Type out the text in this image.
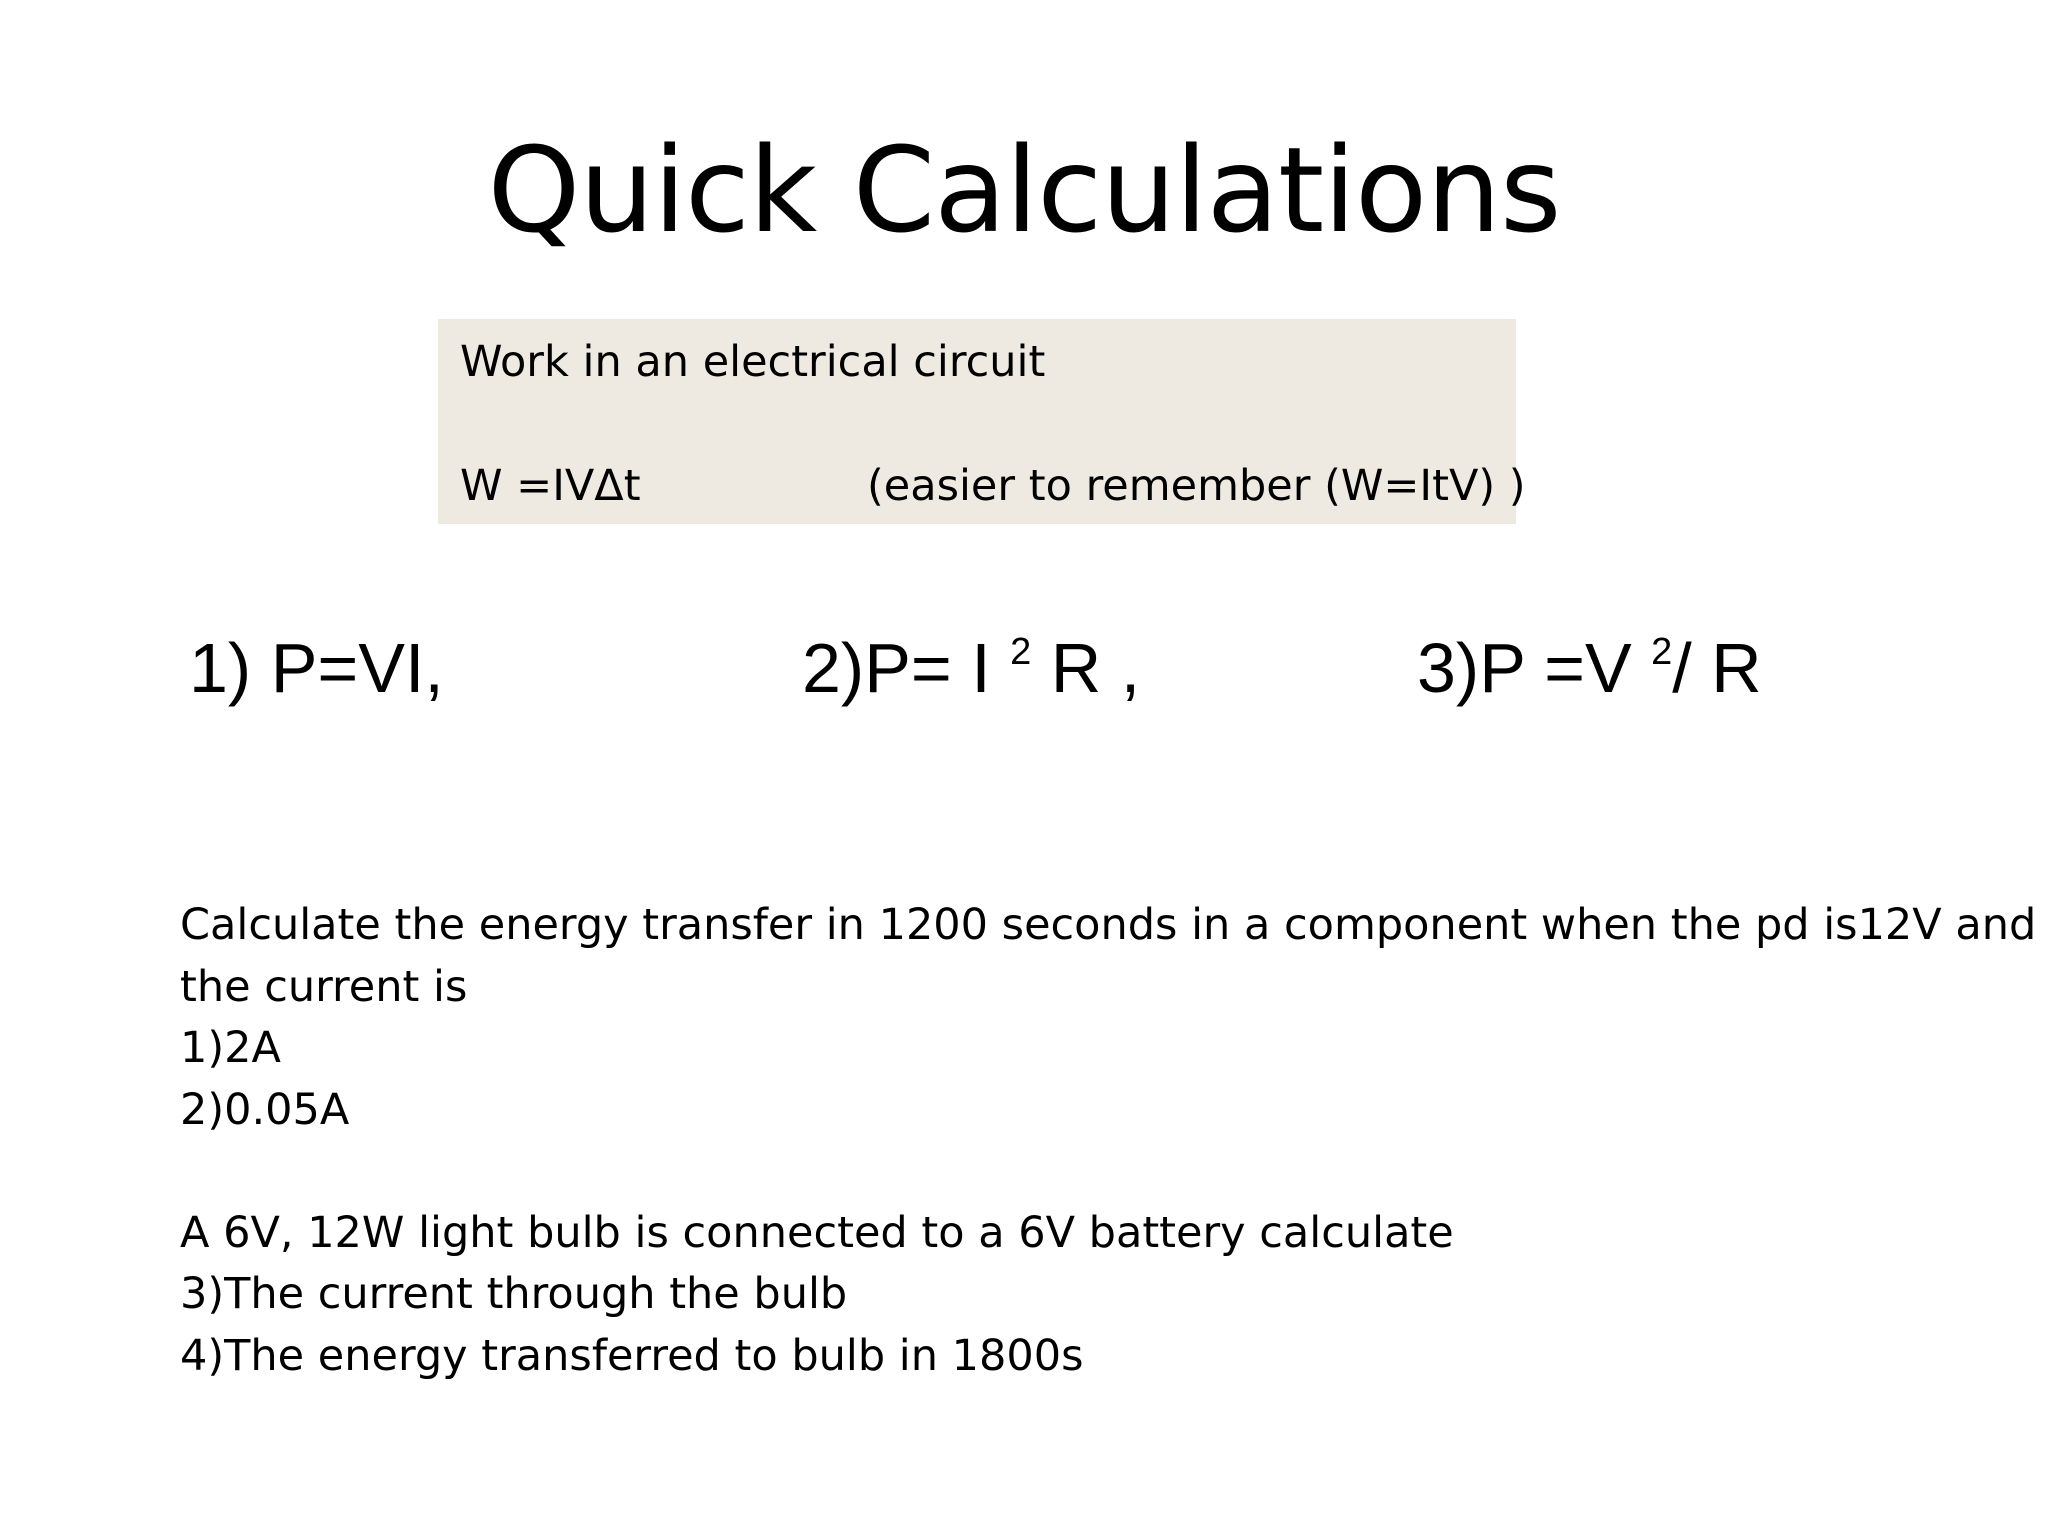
Quick Calculations
Work in an electrical circuit
W =IVΔt	(easier to remember (W=ItV) )
1) P=VI,	2)P= I $^2$ R ,	3)P =V $^2$/ R
Calculate the energy transfer in 1200 seconds in a component when the pd is12V and
the current is
1)2A
2)0.05A
A 6V, 12W light bulb is connected to a 6V battery calculate
3)The current through the bulb
4)The energy transferred to bulb in 1800s
